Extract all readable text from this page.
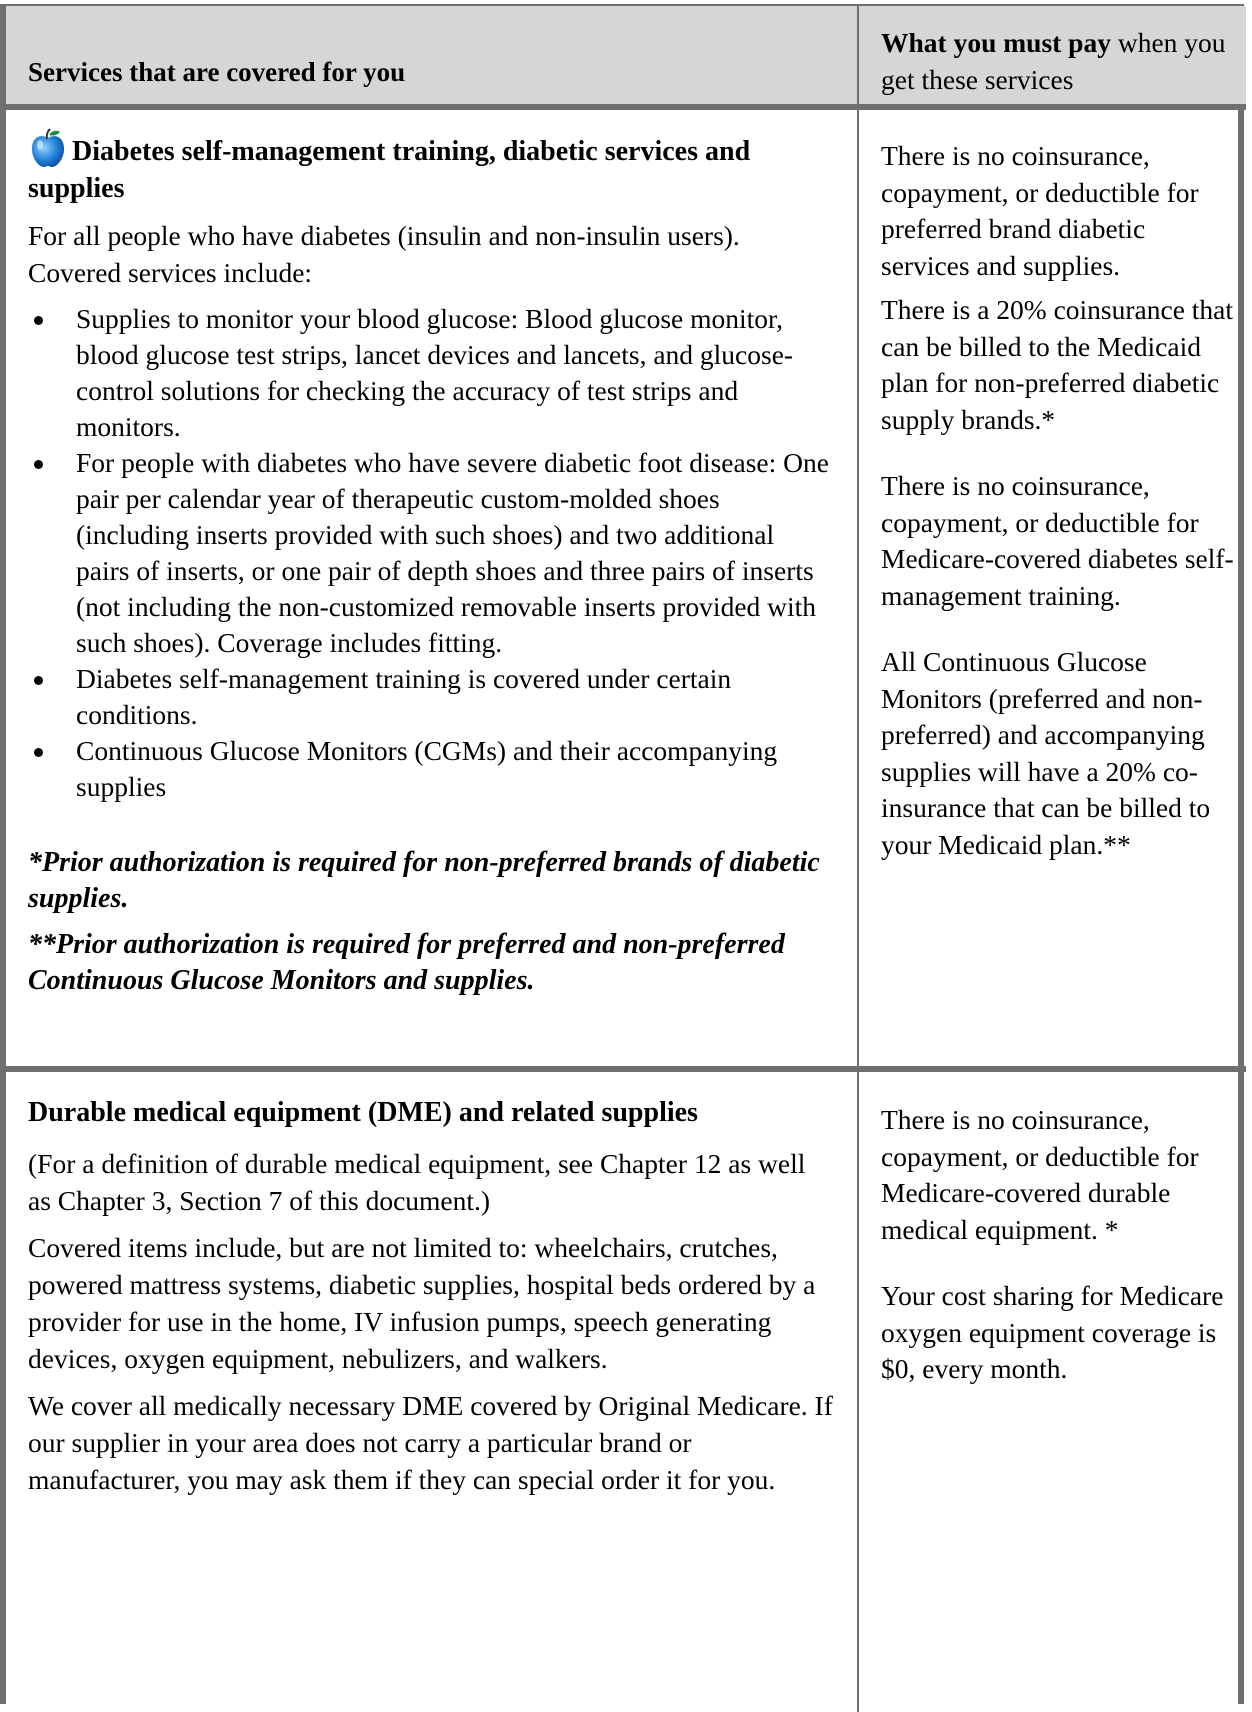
Services that are covered for you
What you must pay when you get these services
Diabetes self-management training, diabetic services and supplies

For all people who have diabetes (insulin and non-insulin users). Covered services include:

Supplies to monitor your blood glucose: Blood glucose monitor, blood glucose test strips, lancet devices and lancets, and glucose-control solutions for checking the accuracy of test strips and monitors.
For people with diabetes who have severe diabetic foot disease: One pair per calendar year of therapeutic custom-molded shoes (including inserts provided with such shoes) and two additional pairs of inserts, or one pair of depth shoes and three pairs of inserts (not including the non-customized removable inserts provided with such shoes). Coverage includes fitting.
Diabetes self-management training is covered under certain conditions.
Continuous Glucose Monitors (CGMs) and their accompanying supplies

*Prior authorization is required for non-preferred brands of diabetic supplies.

**Prior authorization is required for preferred and non-preferred Continuous Glucose Monitors and supplies.

There is no coinsurance, copayment, or deductible for preferred brand diabetic services and supplies.

There is a 20% coinsurance that can be billed to the Medicaid plan for non-preferred diabetic supply brands.*

There is no coinsurance, copayment, or deductible for Medicare-covered diabetes self-management training.

All Continuous Glucose Monitors (preferred and non-preferred) and accompanying supplies will have a 20% co-insurance that can be billed to your Medicaid plan.**

Durable medical equipment (DME) and related supplies

(For a definition of durable medical equipment, see Chapter 12 as well as Chapter 3, Section 7 of this document.)

Covered items include, but are not limited to: wheelchairs, crutches, powered mattress systems, diabetic supplies, hospital beds ordered by a provider for use in the home, IV infusion pumps, speech generating devices, oxygen equipment, nebulizers, and walkers.

We cover all medically necessary DME covered by Original Medicare. If our supplier in your area does not carry a particular brand or manufacturer, you may ask them if they can special order it for you.

There is no coinsurance, copayment, or deductible for Medicare-covered durable medical equipment. *

Your cost sharing for Medicare oxygen equipment coverage is $0, every month.
